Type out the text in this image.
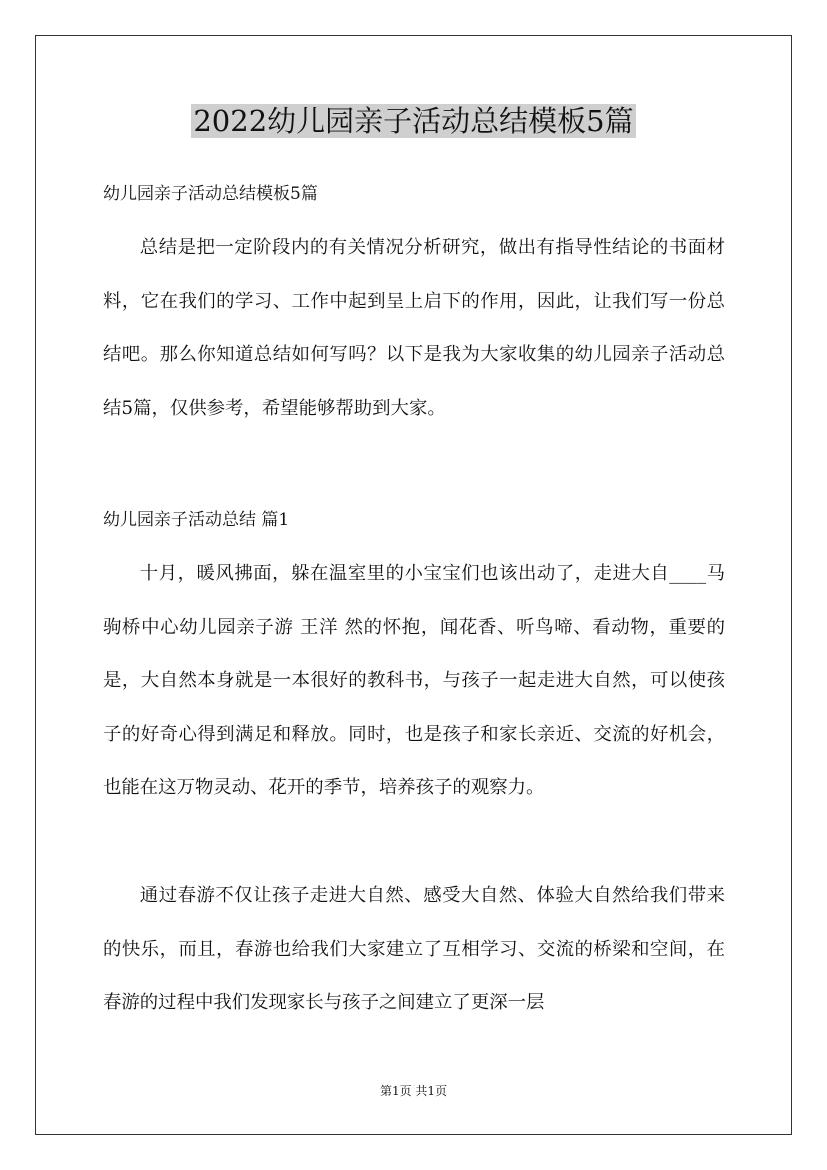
2022幼儿园亲子活动总结模板5篇
幼儿园亲子活动总结模板5篇

总结是把一定阶段内的有关情况分析研究，做出有指导性结论的书面材料，它在我们的学习、工作中起到呈上启下的作用，因此，让我们写一份总结吧。那么你知道总结如何写吗？以下是我为大家收集的幼儿园亲子活动总结5篇，仅供参考，希望能够帮助到大家。

幼儿园亲子活动总结 篇1

十月，暖风拂面，躲在温室里的小宝宝们也该出动了，走进大自____马驹桥中心幼儿园亲子游 王洋 然的怀抱，闻花香、听鸟啼、看动物，重要的是，大自然本身就是一本很好的教科书，与孩子一起走进大自然，可以使孩子的好奇心得到满足和释放。同时，也是孩子和家长亲近、交流的好机会，也能在这万物灵动、花开的季节，培养孩子的观察力。

通过春游不仅让孩子走进大自然、感受大自然、体验大自然给我们带来的快乐，而且，春游也给我们大家建立了互相学习、交流的桥梁和空间，在春游的过程中我们发现家长与孩子之间建立了更深一层

第1页 共1页
